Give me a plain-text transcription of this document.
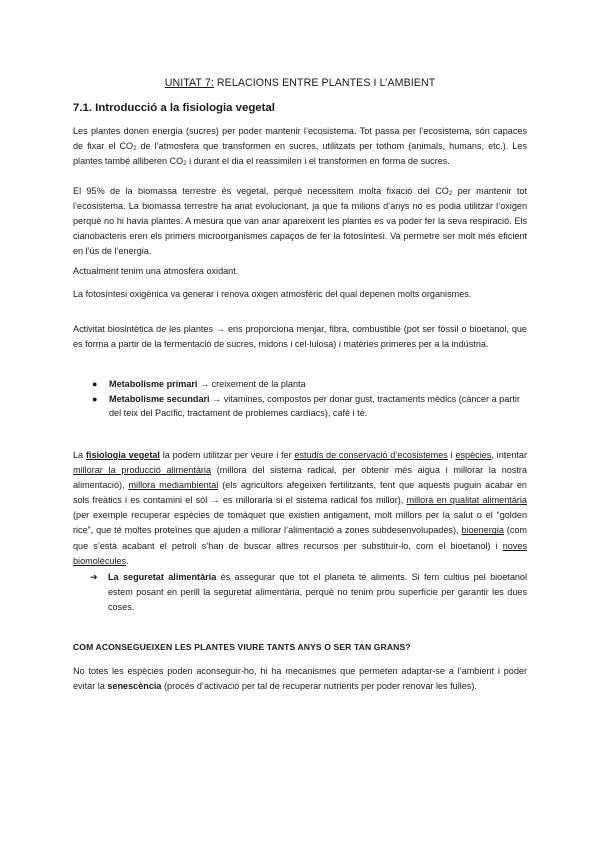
UNITAT 7: RELACIONS ENTRE PLANTES I L’AMBIENT
7.1. Introducció a la fisiologia vegetal

Les plantes donen energia (sucres) per poder mantenir l’ecosistema. Tot passa per l’ecosistema, són capaces de fixar el $CO_2$ de l’atmosfera que transformen en sucres, utilitzats per tothom (animals, humans, etc.). Les plantes també alliberen $CO_2$ i durant el dia el reassimilen i el transformen en forma de sucres.

El 95% de la biomassa terrestre és vegetal, perquè necessitem molta fixació del $CO_2$ per mantenir tot l’ecosistema. La biomassa terrestre ha anat evolucionant, ja que fa milions d’anys no es podia utilitzar l’oxigen perquè no hi havia plantes. A mesura que van anar apareixent les plantes es va poder fer la seva respiració. Els cianobacteris eren els primers microorganismes capaços de fer la fotosíntesi. Va permetre ser molt més eficient en l’ús de l’energia.

Actualment tenim una atmosfera oxidant.

La fotosíntesi oxigènica va generar i renova oxigen atmosfèric del qual depenen molts organismes.

Activitat biosintètica de les plantes → ens proporciona menjar, fibra, combustible (pot ser fòssil o bioetanol, que es forma a partir de la fermentació de sucres, midons i cel·lulosa) i matèries primeres per a la indústria.

● Metabolisme primari → creixement de la planta
● Metabolisme secundari → vitamines, compostos per donar gust, tractaments mèdics (càncer a partir del teix del Pacífic, tractament de problemes cardíacs), cafè i té.

La fisiologia vegetal la podem utilitzar per veure i fer estudis de conservació d’ecosistemes i espècies, intentar millorar la producció alimentària (millora del sistema radical, per obtenir més aigua i millorar la nostra alimentació), millora mediambiental (els agricultors afegeixen fertilitzants, fent que aquests puguin acabar en sols freàtics i es contamini el sòl → es milloraria si el sistema radical fos millor), millora en qualitat alimentària (per exemple recuperar espècies de tomàquet que existien antigament, molt millors per la salut o el “golden rice”, que té moltes proteïnes que ajuden a millorar l’alimentació a zones subdesenvolupades), bioenergia (com que s’està acabant el petroli s’han de buscar altres recursos per substituir-lo, com el bioetanol) i noves biomolècules.

➔ La seguretat alimentària és assegurar que tot el planeta té aliments. Si fem cultius pel bioetanol estem posant en perill la seguretat alimentària, perquè no tenim prou superfície per garantir les dues coses.
COM ACONSEGUEIXEN LES PLANTES VIURE TANTS ANYS O SER TAN GRANS?

No totes les espècies poden aconseguir-ho, hi ha mecanismes que permeten adaptar-se a l’ambient i poder evitar la senescència (procés d’activació per tal de recuperar nutrients per poder renovar les fulles).
